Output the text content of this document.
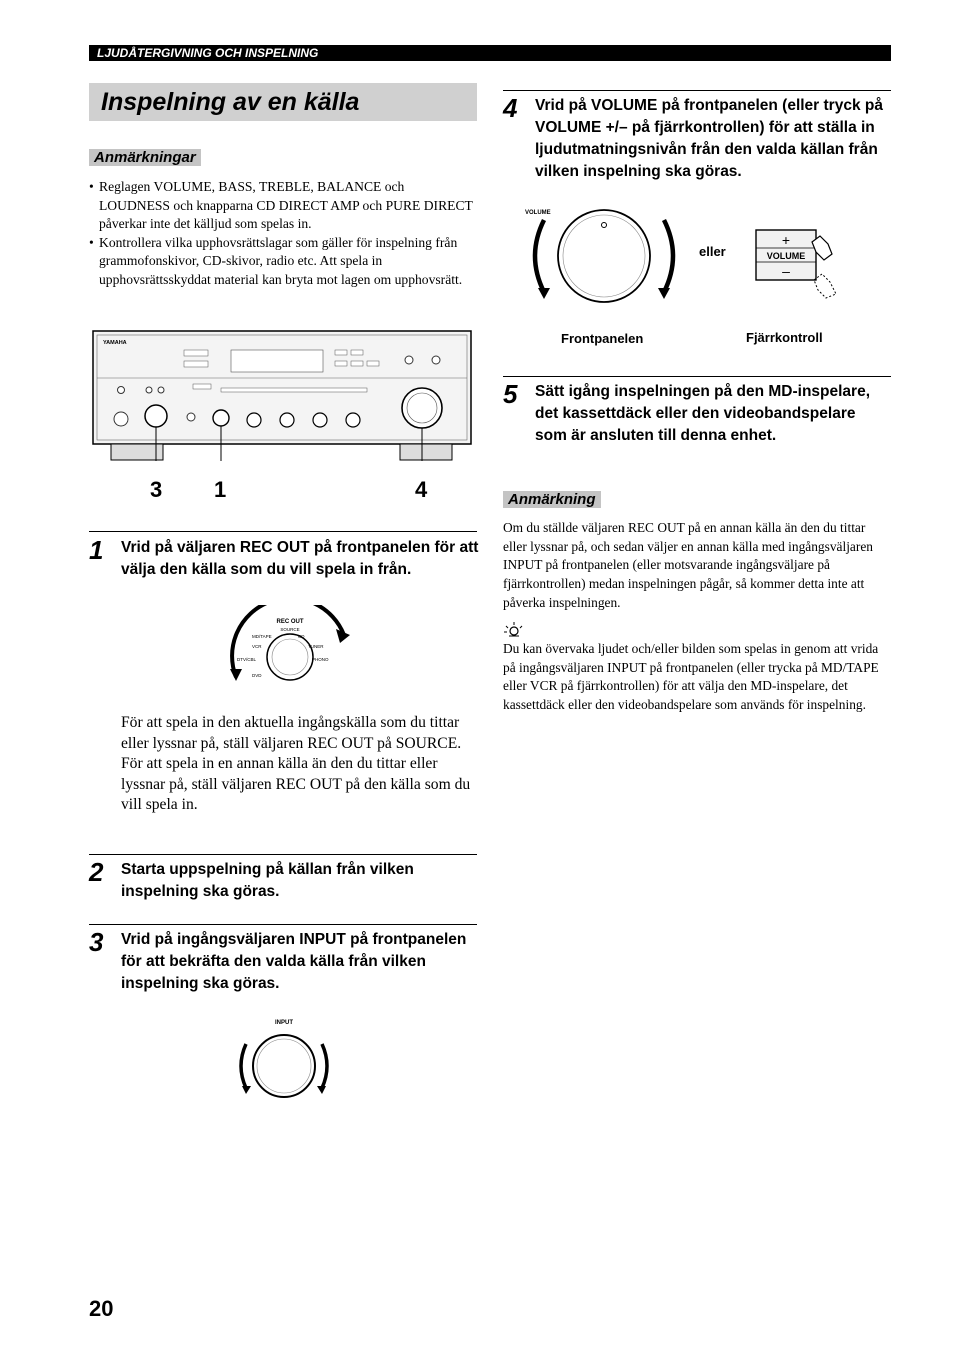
LJUDÅTERGIVNING OCH INSPELNING
Inspelning av en källa
Anmärkningar
• Reglagen VOLUME, BASS, TREBLE, BALANCE och LOUDNESS och knapparna CD DIRECT AMP och PURE DIRECT påverkar inte det källjud som spelas in.
• Kontrollera vilka upphovsrättslagar som gäller för inspelning från grammofonskivor, CD-skivor, radio etc. Att spela in upphovsrättsskyddat material kan bryta mot lagen om upphovsrätt.
YAMAHA
3 1	4
1 Vrid på väljaren REC OUT på frontpanelen för att välja den källa som du vill spela in från.
REC OUT
SOURCE
MD/TAPE	CD
VCR	TUNER
DTV/CBL	PHONO
DVD
För att spela in den aktuella ingångskälla som du tittar eller lyssnar på, ställ väljaren REC OUT på SOURCE.
För att spela in en annan källa än den du tittar eller lyssnar på, ställ väljaren REC OUT på den källa som du vill spela in.
2 Starta uppspelning på källan från vilken inspelning ska göras.
3 Vrid på ingångsväljaren INPUT på frontpanelen för att bekräfta den valda källa från vilken inspelning ska göras.
INPUT
4 Vrid på VOLUME på frontpanelen (eller tryck på VOLUME +/– på fjärrkontrollen) för att ställa in ljudutmatningsnivån från den valda källan från vilken inspelning ska göras.
VOLUME
eller
+
VOLUME
–
Frontpanelen	Fjärrkontroll
5 Sätt igång inspelningen på den MD-inspelare, det kassettdäck eller den videobandspelare som är ansluten till denna enhet.
Anmärkning
Om du ställde väljaren REC OUT på en annan källa än den du tittar eller lyssnar på, och sedan väljer en annan källa med ingångsväljaren INPUT på frontpanelen (eller motsvarande ingångsväljare på fjärrkontrollen) medan inspelningen pågår, så kommer detta inte att påverka inspelningen.
Du kan övervaka ljudet och/eller bilden som spelas in genom att vrida på ingångsväljaren INPUT på frontpanelen (eller trycka på MD/TAPE eller VCR på fjärrkontrollen) för att välja den MD-inspelare, det kassettdäck eller den videobandspelare som används för inspelning.
20
